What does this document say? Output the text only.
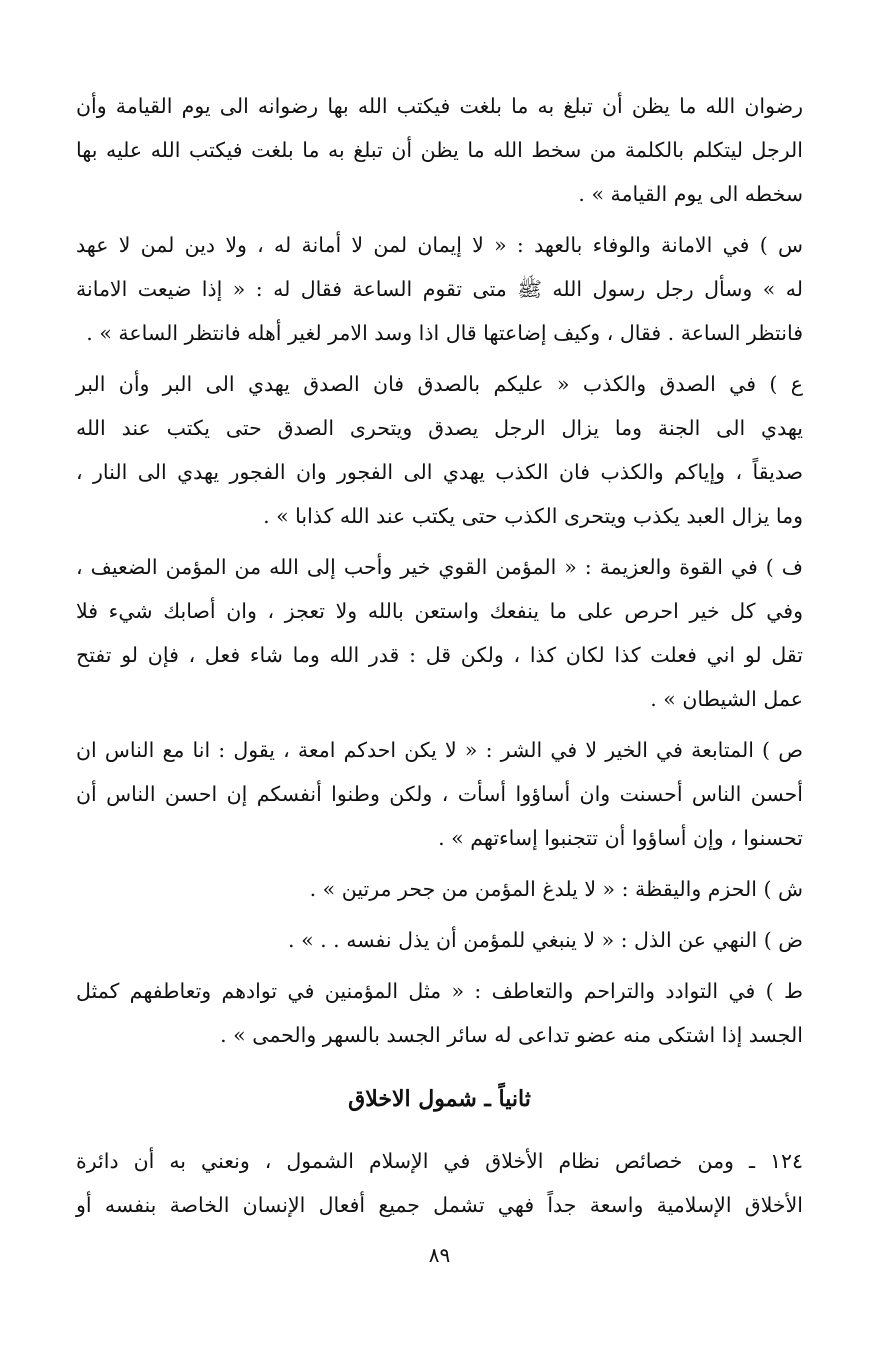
رضوان الله ما يظن أن تبلغ به ما بلغت فيكتب الله بها رضوانه الى يوم القيامة وأن
الرجل ليتكلم بالكلمة من سخط الله ما يظن أن تبلغ به ما بلغت فيكتب الله عليه بها
سخطه الى يوم القيامة » .

س ) في الامانة والوفاء بالعهد : « لا إيمان لمن لا أمانة له ، ولا دين لمن لا عهد
له » وسأل رجل رسول الله ﷺ متى تقوم الساعة فقال له : « إذا ضيعت الامانة
فانتظر الساعة . فقال ، وكيف إضاعتها قال اذا وسد الامر لغير أهله فانتظر الساعة » .

ع ) في الصدق والكذب « عليكم بالصدق فان الصدق يهدي الى البر وأن البر
يهدي الى الجنة وما يزال الرجل يصدق ويتحرى الصدق حتى يكتب عند الله
صديقاً ، وإياكم والكذب فان الكذب يهدي الى الفجور وان الفجور يهدي الى النار ،
وما يزال العبد يكذب ويتحرى الكذب حتى يكتب عند الله كذابا » .

ف ) في القوة والعزيمة : « المؤمن القوي خير وأحب إلى الله من المؤمن الضعيف ،
وفي كل خير احرص على ما ينفعك واستعن بالله ولا تعجز ، وان أصابك شيء فلا
تقل لو اني فعلت كذا لكان كذا ، ولكن قل : قدر الله وما شاء فعل ، فإن لو تفتح
عمل الشيطان » .

ص ) المتابعة في الخير لا في الشر : « لا يكن احدكم امعة ، يقول : انا مع الناس ان
أحسن الناس أحسنت وان أساؤوا أسأت ، ولكن وطنوا أنفسكم إن احسن الناس أن
تحسنوا ، وإن أساؤوا أن تتجنبوا إساءتهم » .

ش ) الحزم واليقظة : « لا يلدغ المؤمن من جحر مرتين » .

ض ) النهي عن الذل : « لا ينبغي للمؤمن أن يذل نفسه . . » .

ط ) في التوادد والتراحم والتعاطف : « مثل المؤمنين في توادهم وتعاطفهم كمثل
الجسد إذا اشتكى منه عضو تداعى له سائر الجسد بالسهر والحمى » .

ثانياً ـ شمول الاخلاق

١٢٤ ـ ومن خصائص نظام الأخلاق في الإسلام الشمول ، ونعني به أن دائرة
الأخلاق الإسلامية واسعة جداً فهي تشمل جميع أفعال الإنسان الخاصة بنفسه أو

٨٩
